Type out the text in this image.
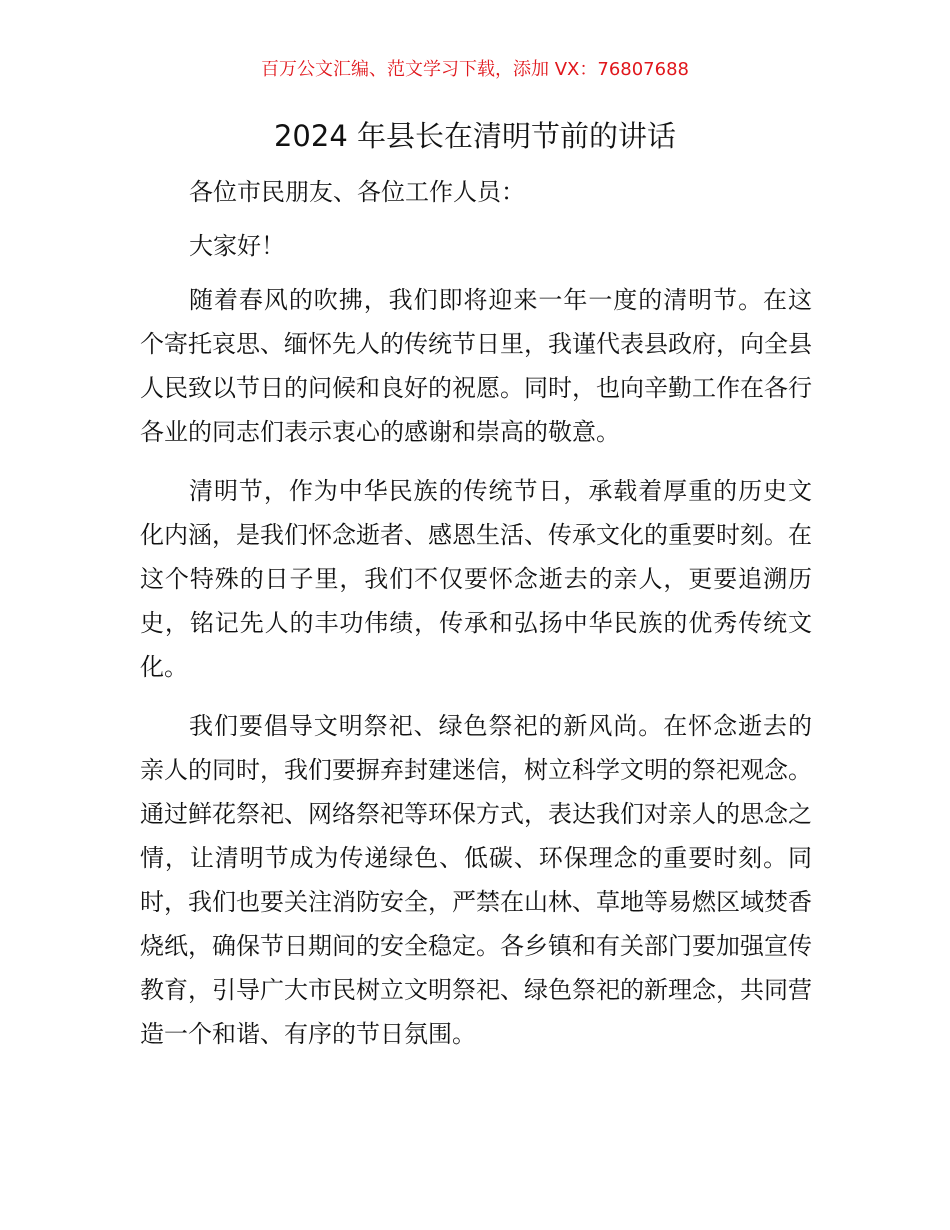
百万公文汇编、范文学习下载，添加 VX：76807688
2024 年县长在清明节前的讲话

各位市民朋友、各位工作人员：

大家好！

随着春风的吹拂，我们即将迎来一年一度的清明节。在这个寄托哀思、缅怀先人的传统节日里，我谨代表县政府，向全县人民致以节日的问候和良好的祝愿。同时，也向辛勤工作在各行各业的同志们表示衷心的感谢和崇高的敬意。

清明节，作为中华民族的传统节日，承载着厚重的历史文化内涵，是我们怀念逝者、感恩生活、传承文化的重要时刻。在这个特殊的日子里，我们不仅要怀念逝去的亲人，更要追溯历史，铭记先人的丰功伟绩，传承和弘扬中华民族的优秀传统文化。

我们要倡导文明祭祀、绿色祭祀的新风尚。在怀念逝去的亲人的同时，我们要摒弃封建迷信，树立科学文明的祭祀观念。通过鲜花祭祀、网络祭祀等环保方式，表达我们对亲人的思念之情，让清明节成为传递绿色、低碳、环保理念的重要时刻。同时，我们也要关注消防安全，严禁在山林、草地等易燃区域焚香烧纸，确保节日期间的安全稳定。各乡镇和有关部门要加强宣传教育，引导广大市民树立文明祭祀、绿色祭祀的新理念，共同营造一个和谐、有序的节日氛围。
